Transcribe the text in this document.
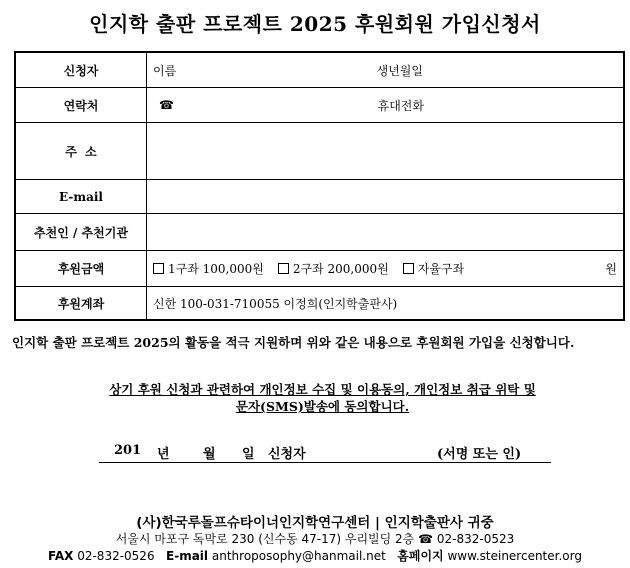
인지학 출판 프로젝트 2025 후원회원 가입신청서
신청자	이름 생년월일

연락처	☎ 휴대전화

주  소	
E-mail	
추천인 / 추천기관	
후원금액	1구좌 100,000원 2구좌 200,000원 자율구좌 원

후원계좌	신한 100-031-710055 이정희(인지학출판사)
인지학 출판 프로젝트 2025의 활동을 적극 지원하며 위와 같은 내용으로 후원회원 가입을 신청합니다.
상기 후원 신청과 관련하여 개인정보 수집 및 이용동의, 개인정보 취급 위탁 및
문자(SMS)발송에 동의합니다.
201 년	월 일 신청자	(서명 또는 인)
(사)한국루돌프슈타이너인지학연구센터 | 인지학출판사 귀중
서울시 마포구 독막로 230 (신수동 47-17) 우리빌딩 2층 ☎ 02-832-0523
FAX 02-832-0526 E-mail anthroposophy@hanmail.net 홈페이지 www.steinercenter.org
